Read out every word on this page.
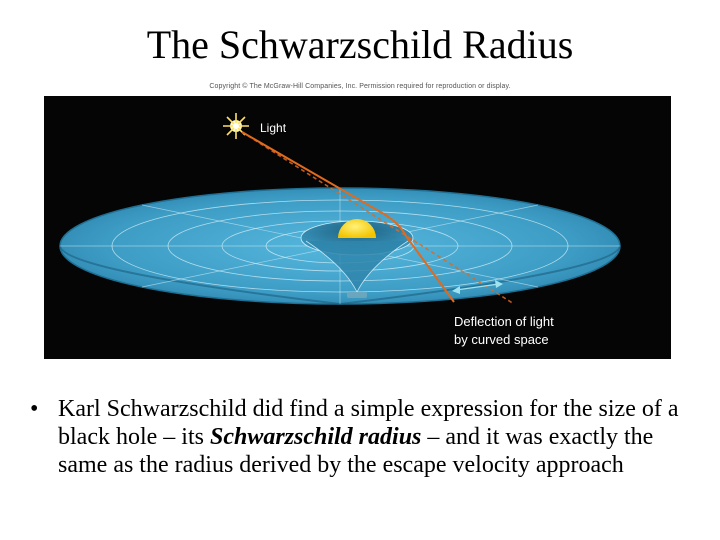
The Schwarzschild Radius
Copyright © The McGraw-Hill Companies, Inc. Permission required for reproduction or display.
Light
Deflection of light
by curved space
• Karl Schwarzschild did find a simple expression for the size of a black hole – its Schwarzschild radius – and it was exactly the same as the radius derived by the escape velocity approach
